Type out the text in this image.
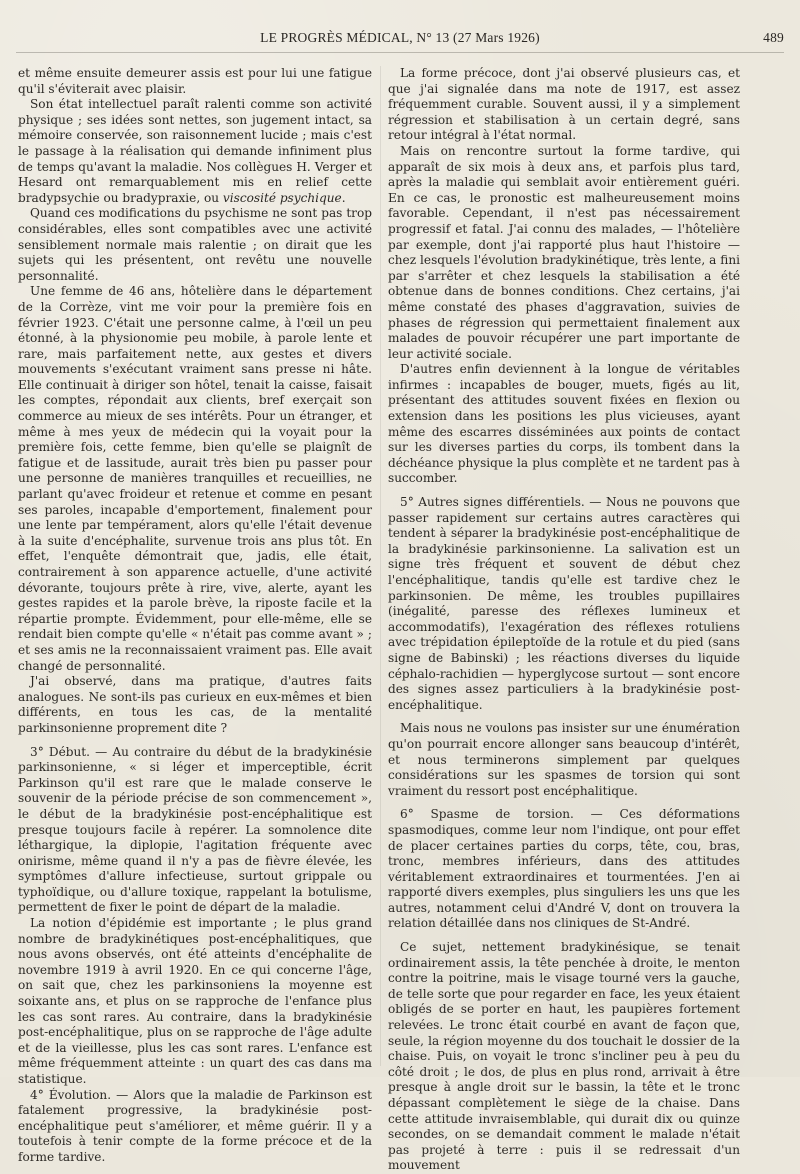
LE PROGRÈS MÉDICAL, N° 13 (27 Mars 1926)	489

et même ensuite demeurer assis est pour lui une fatigue qu'il s'éviterait avec plaisir.

Son état intellectuel paraît ralenti comme son activité physique ; ses idées sont nettes, son jugement intact, sa mémoire conservée, son raisonnement lucide ; mais c'est le passage à la réalisation qui demande infiniment plus de temps qu'avant la maladie. Nos collègues H. Verger et Hesard ont remarquablement mis en relief cette bradypsychie ou bradypraxie, ou viscosité psychique.

Quand ces modifications du psychisme ne sont pas trop considérables, elles sont compatibles avec une activité sensiblement normale mais ralentie ; on dirait que les sujets qui les présentent, ont revêtu une nouvelle personnalité.

Une femme de 46 ans, hôtelière dans le département de la Corrèze, vint me voir pour la première fois en février 1923. C'était une personne calme, à l'œil un peu étonné, à la physionomie peu mobile, à parole lente et rare, mais parfaitement nette, aux gestes et divers mouvements s'exécutant vraiment sans presse ni hâte. Elle continuait à diriger son hôtel, tenait la caisse, faisait les comptes, répondait aux clients, bref exerçait son commerce au mieux de ses intérêts. Pour un étranger, et même à mes yeux de médecin qui la voyait pour la première fois, cette femme, bien qu'elle se plaignît de fatigue et de lassitude, aurait très bien pu passer pour une personne de manières tranquilles et recueillies, ne parlant qu'avec froideur et retenue et comme en pesant ses paroles, incapable d'emportement, finalement pour une lente par tempérament, alors qu'elle l'était devenue à la suite d'encéphalite, survenue trois ans plus tôt. En effet, l'enquête démontrait que, jadis, elle était, contrairement à son apparence actuelle, d'une activité dévorante, toujours prête à rire, vive, alerte, ayant les gestes rapides et la parole brève, la riposte facile et la répartie prompte. Évidemment, pour elle-même, elle se rendait bien compte qu'elle « n'était pas comme avant » ; et ses amis ne la reconnaissaient vraiment pas. Elle avait changé de personnalité.

J'ai observé, dans ma pratique, d'autres faits analogues. Ne sont-ils pas curieux en eux-mêmes et bien différents, en tous les cas, de la mentalité parkinsonienne proprement dite ?

3° Début. — Au contraire du début de la bradykinésie parkinsonienne, « si léger et imperceptible, écrit Parkinson qu'il est rare que le malade conserve le souvenir de la période précise de son commencement », le début de la bradykinésie post-encéphalitique est presque toujours facile à repérer. La somnolence dite léthargique, la diplopie, l'agitation fréquente avec onirisme, même quand il n'y a pas de fièvre élevée, les symptômes d'allure infectieuse, surtout grippale ou typhoïdique, ou d'allure toxique, rappelant la botulisme, permettent de fixer le point de départ de la maladie.

La notion d'épidémie est importante ; le plus grand nombre de bradykinétiques post-encéphalitiques, que nous avons observés, ont été atteints d'encéphalite de novembre 1919 à avril 1920. En ce qui concerne l'âge, on sait que, chez les parkinsoniens la moyenne est soixante ans, et plus on se rapproche de l'enfance plus les cas sont rares. Au contraire, dans la bradykinésie post-encéphalitique, plus on se rapproche de l'âge adulte et de la vieillesse, plus les cas sont rares. L'enfance est même fréquemment atteinte : un quart des cas dans ma statistique.

4° Évolution. — Alors que la maladie de Parkinson est fatalement progressive, la bradykinésie post-encéphalitique peut s'améliorer, et même guérir. Il y a toutefois à tenir compte de la forme précoce et de la forme tardive.

La forme précoce, dont j'ai observé plusieurs cas, et que j'ai signalée dans ma note de 1917, est assez fréquemment curable. Souvent aussi, il y a simplement régression et stabilisation à un certain degré, sans retour intégral à l'état normal.

Mais on rencontre surtout la forme tardive, qui apparaît de six mois à deux ans, et parfois plus tard, après la maladie qui semblait avoir entièrement guéri. En ce cas, le pronostic est malheureusement moins favorable. Cependant, il n'est pas nécessairement progressif et fatal. J'ai connu des malades, — l'hôtelière par exemple, dont j'ai rapporté plus haut l'histoire — chez lesquels l'évolution bradykinétique, très lente, a fini par s'arrêter et chez lesquels la stabilisation a été obtenue dans de bonnes conditions. Chez certains, j'ai même constaté des phases d'aggravation, suivies de phases de régression qui permettaient finalement aux malades de pouvoir récupérer une part importante de leur activité sociale.

D'autres enfin deviennent à la longue de véritables infirmes : incapables de bouger, muets, figés au lit, présentant des attitudes souvent fixées en flexion ou extension dans les positions les plus vicieuses, ayant même des escarres disséminées aux points de contact sur les diverses parties du corps, ils tombent dans la déchéance physique la plus complète et ne tardent pas à succomber.

5° Autres signes différentiels. — Nous ne pouvons que passer rapidement sur certains autres caractères qui tendent à séparer la bradykinésie post-encéphalitique de la bradykinésie parkinsonienne. La salivation est un signe très fréquent et souvent de début chez l'encéphalitique, tandis qu'elle est tardive chez le parkinsonien. De même, les troubles pupillaires (inégalité, paresse des réflexes lumineux et accommodatifs), l'exagération des réflexes rotuliens avec trépidation épileptoïde de la rotule et du pied (sans signe de Babinski) ; les réactions diverses du liquide céphalo-rachidien — hyperglycose surtout — sont encore des signes assez particuliers à la bradykinésie post-encéphalitique.

Mais nous ne voulons pas insister sur une énumération qu'on pourrait encore allonger sans beaucoup d'intérêt, et nous terminerons simplement par quelques considérations sur les spasmes de torsion qui sont vraiment du ressort post encéphalitique.

6° Spasme de torsion. — Ces déformations spasmodiques, comme leur nom l'indique, ont pour effet de placer certaines parties du corps, tête, cou, bras, tronc, membres inférieurs, dans des attitudes véritablement extraordinaires et tourmentées. J'en ai rapporté divers exemples, plus singuliers les uns que les autres, notamment celui d'André V, dont on trouvera la relation détaillée dans nos cliniques de St-André.

Ce sujet, nettement bradykinésique, se tenait ordinairement assis, la tête penchée à droite, le menton contre la poitrine, mais le visage tourné vers la gauche, de telle sorte que pour regarder en face, les yeux étaient obligés de se porter en haut, les paupières fortement relevées. Le tronc était courbé en avant de façon que, seule, la région moyenne du dos touchait le dossier de la chaise. Puis, on voyait le tronc s'incliner peu à peu du côté droit ; le dos, de plus en plus rond, arrivait à être presque à angle droit sur le bassin, la tête et le tronc dépassant complètement le siège de la chaise. Dans cette attitude invraisemblable, qui durait dix ou quinze secondes, on se demandait comment le malade n'était pas projeté à terre : puis il se redressait d'un mouvement
